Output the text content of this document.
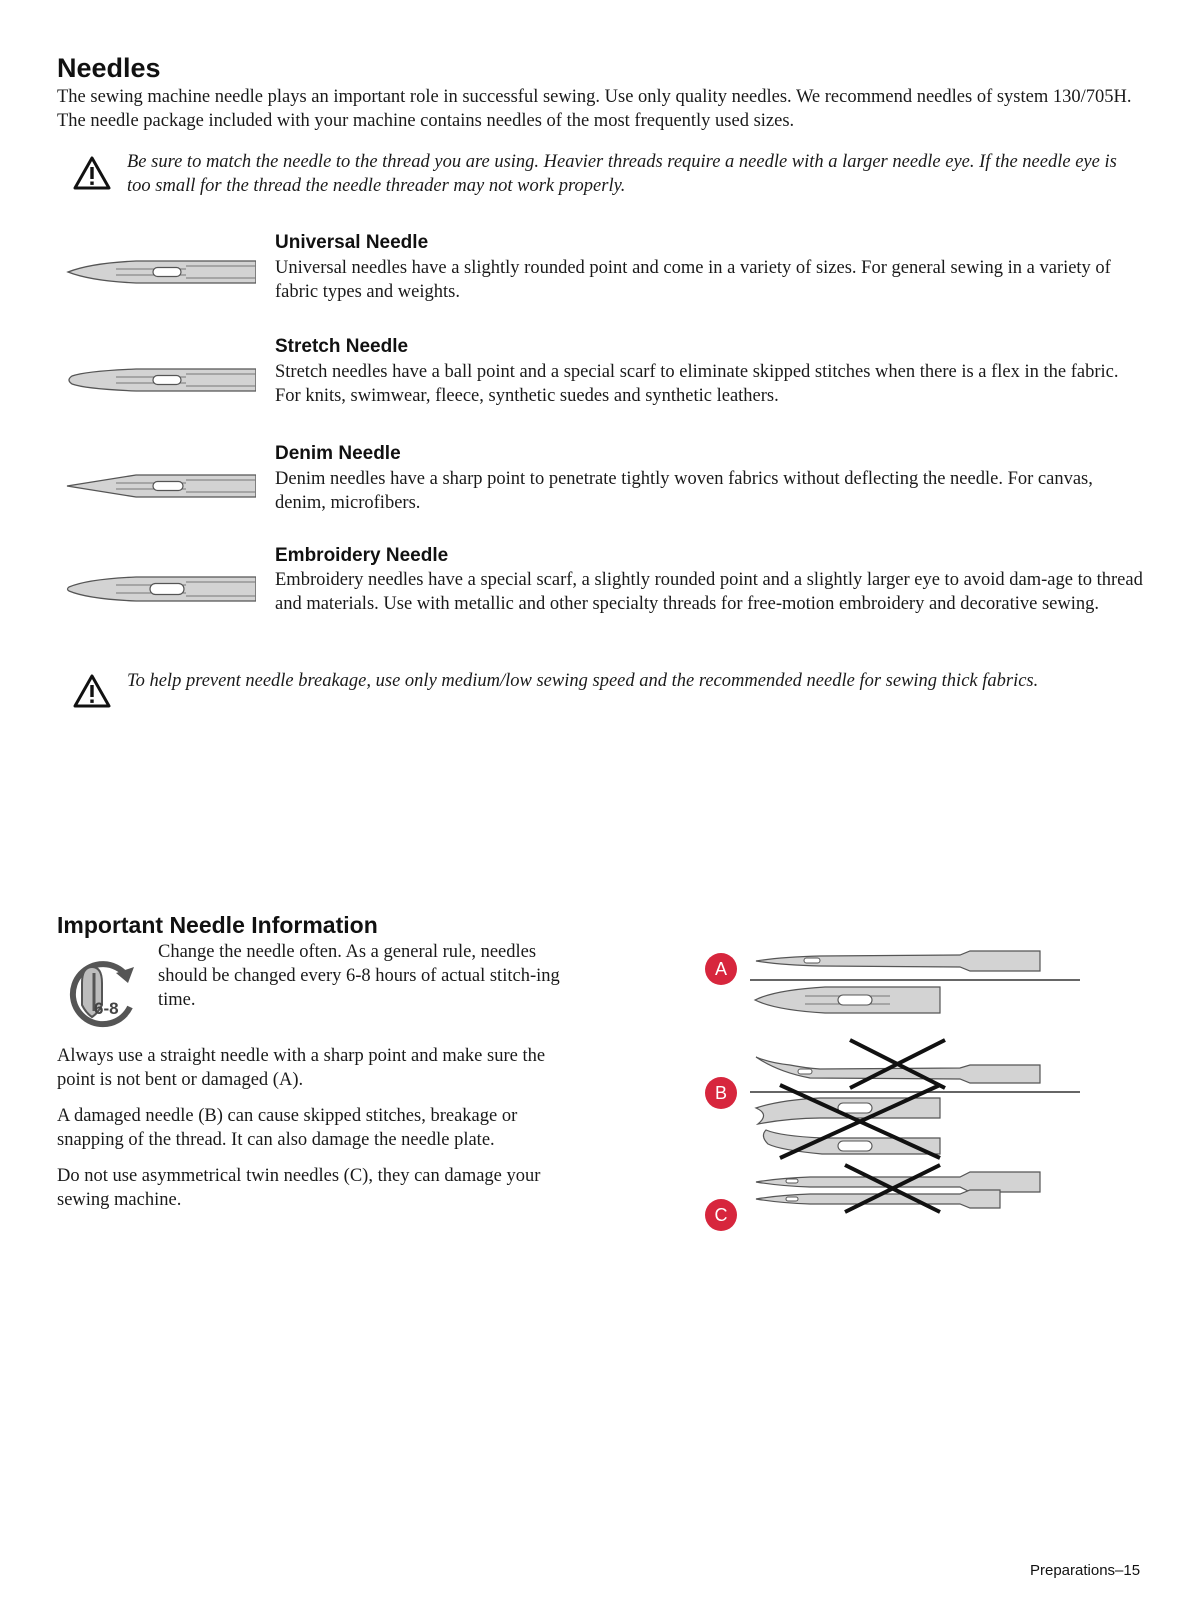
Needles
The sewing machine needle plays an important role in successful sewing. Use only quality needles. We recommend needles of system 130/705H. The needle package included with your machine contains needles of the most frequently used sizes.
Be sure to match the needle to the thread you are using. Heavier threads require a needle with a larger needle eye. If the needle eye is too small for the thread the needle threader may not work properly.
Universal Needle
Universal needles have a slightly rounded point and come in a variety of sizes. For general sewing in a variety of fabric types and weights.
Stretch Needle
Stretch needles have a ball point and a special scarf to eliminate skipped stitches when there is a flex in the fabric. For knits, swimwear, fleece, synthetic suedes and synthetic leathers.
Denim Needle
Denim needles have a sharp point to penetrate tightly woven fabrics without deflecting the needle. For canvas, denim, microfibers.
Embroidery Needle
Embroidery needles have a special scarf, a slightly rounded point and a slightly larger eye to avoid dam-age to thread and materials. Use with metallic and other specialty threads for free-motion embroidery and decorative sewing.
To help prevent needle breakage, use only medium/low sewing speed and the recommended needle for sewing thick fabrics.
Important Needle Information
6-8
Change the needle often. As a general rule, needles should be changed every 6-8 hours of actual stitch-ing time.
Always use a straight needle with a sharp point and make sure the point is not bent or damaged (A).
A damaged needle (B) can cause skipped stitches, breakage or snapping of the thread. It can also damage the needle plate.
Do not use asymmetrical twin needles (C), they can damage your sewing machine.
A
B
C
Preparations–15
